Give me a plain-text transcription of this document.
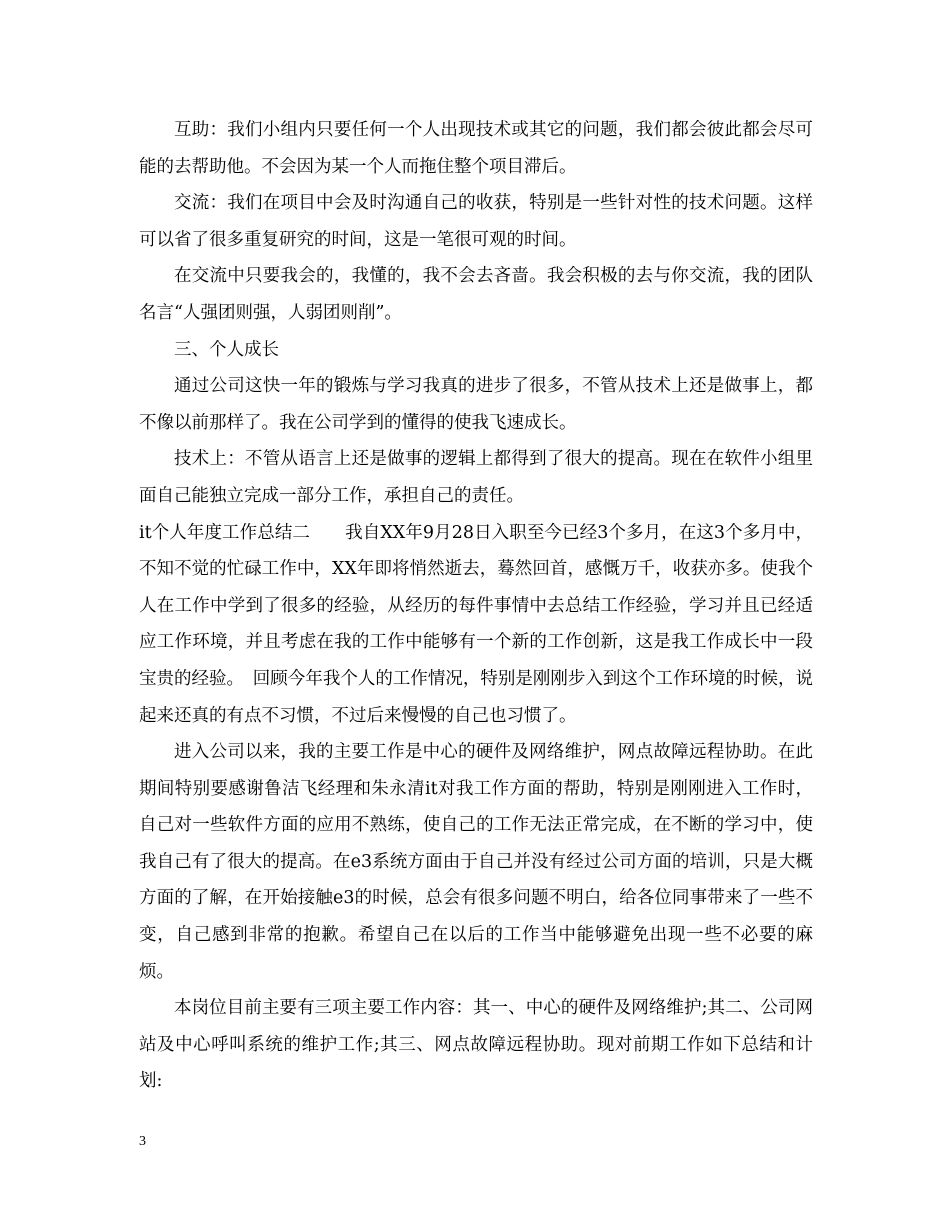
互助：我们小组内只要任何一个人出现技术或其它的问题，我们都会彼此都会尽可能的去帮助他。不会因为某一个人而拖住整个项目滞后。

交流：我们在项目中会及时沟通自己的收获，特别是一些针对性的技术问题。这样可以省了很多重复研究的时间，这是一笔很可观的时间。

在交流中只要我会的，我懂的，我不会去吝啬。我会积极的去与你交流，我的团队名言“人强团则强，人弱团则削”。

三、个人成长

通过公司这快一年的锻炼与学习我真的进步了很多，不管从技术上还是做事上，都不像以前那样了。我在公司学到的懂得的使我飞速成长。

技术上：不管从语言上还是做事的逻辑上都得到了很大的提高。现在在软件小组里面自己能独立完成一部分工作，承担自己的责任。

it个人年度工作总结二　　我自XX年9月28日入职至今已经3个多月，在这3个多月中，不知不觉的忙碌工作中，XX年即将悄然逝去，蓦然回首，感慨万千，收获亦多。使我个人在工作中学到了很多的经验，从经历的每件事情中去总结工作经验，学习并且已经适应工作环境，并且考虑在我的工作中能够有一个新的工作创新，这是我工作成长中一段宝贵的经验。　回顾今年我个人的工作情况，特别是刚刚步入到这个工作环境的时候，说起来还真的有点不习惯，不过后来慢慢的自己也习惯了。

进入公司以来，我的主要工作是中心的硬件及网络维护，网点故障远程协助。在此期间特别要感谢鲁洁飞经理和朱永清it对我工作方面的帮助，特别是刚刚进入工作时，自己对一些软件方面的应用不熟练，使自己的工作无法正常完成，在不断的学习中，使我自己有了很大的提高。在e3系统方面由于自己并没有经过公司方面的培训，只是大概方面的了解，在开始接触e3的时候，总会有很多问题不明白，给各位同事带来了一些不变，自己感到非常的抱歉。希望自己在以后的工作当中能够避免出现一些不必要的麻烦。

本岗位目前主要有三项主要工作内容：其一、中心的硬件及网络维护;其二、公司网站及中心呼叫系统的维护工作;其三、网点故障远程协助。现对前期工作如下总结和计划:

3
